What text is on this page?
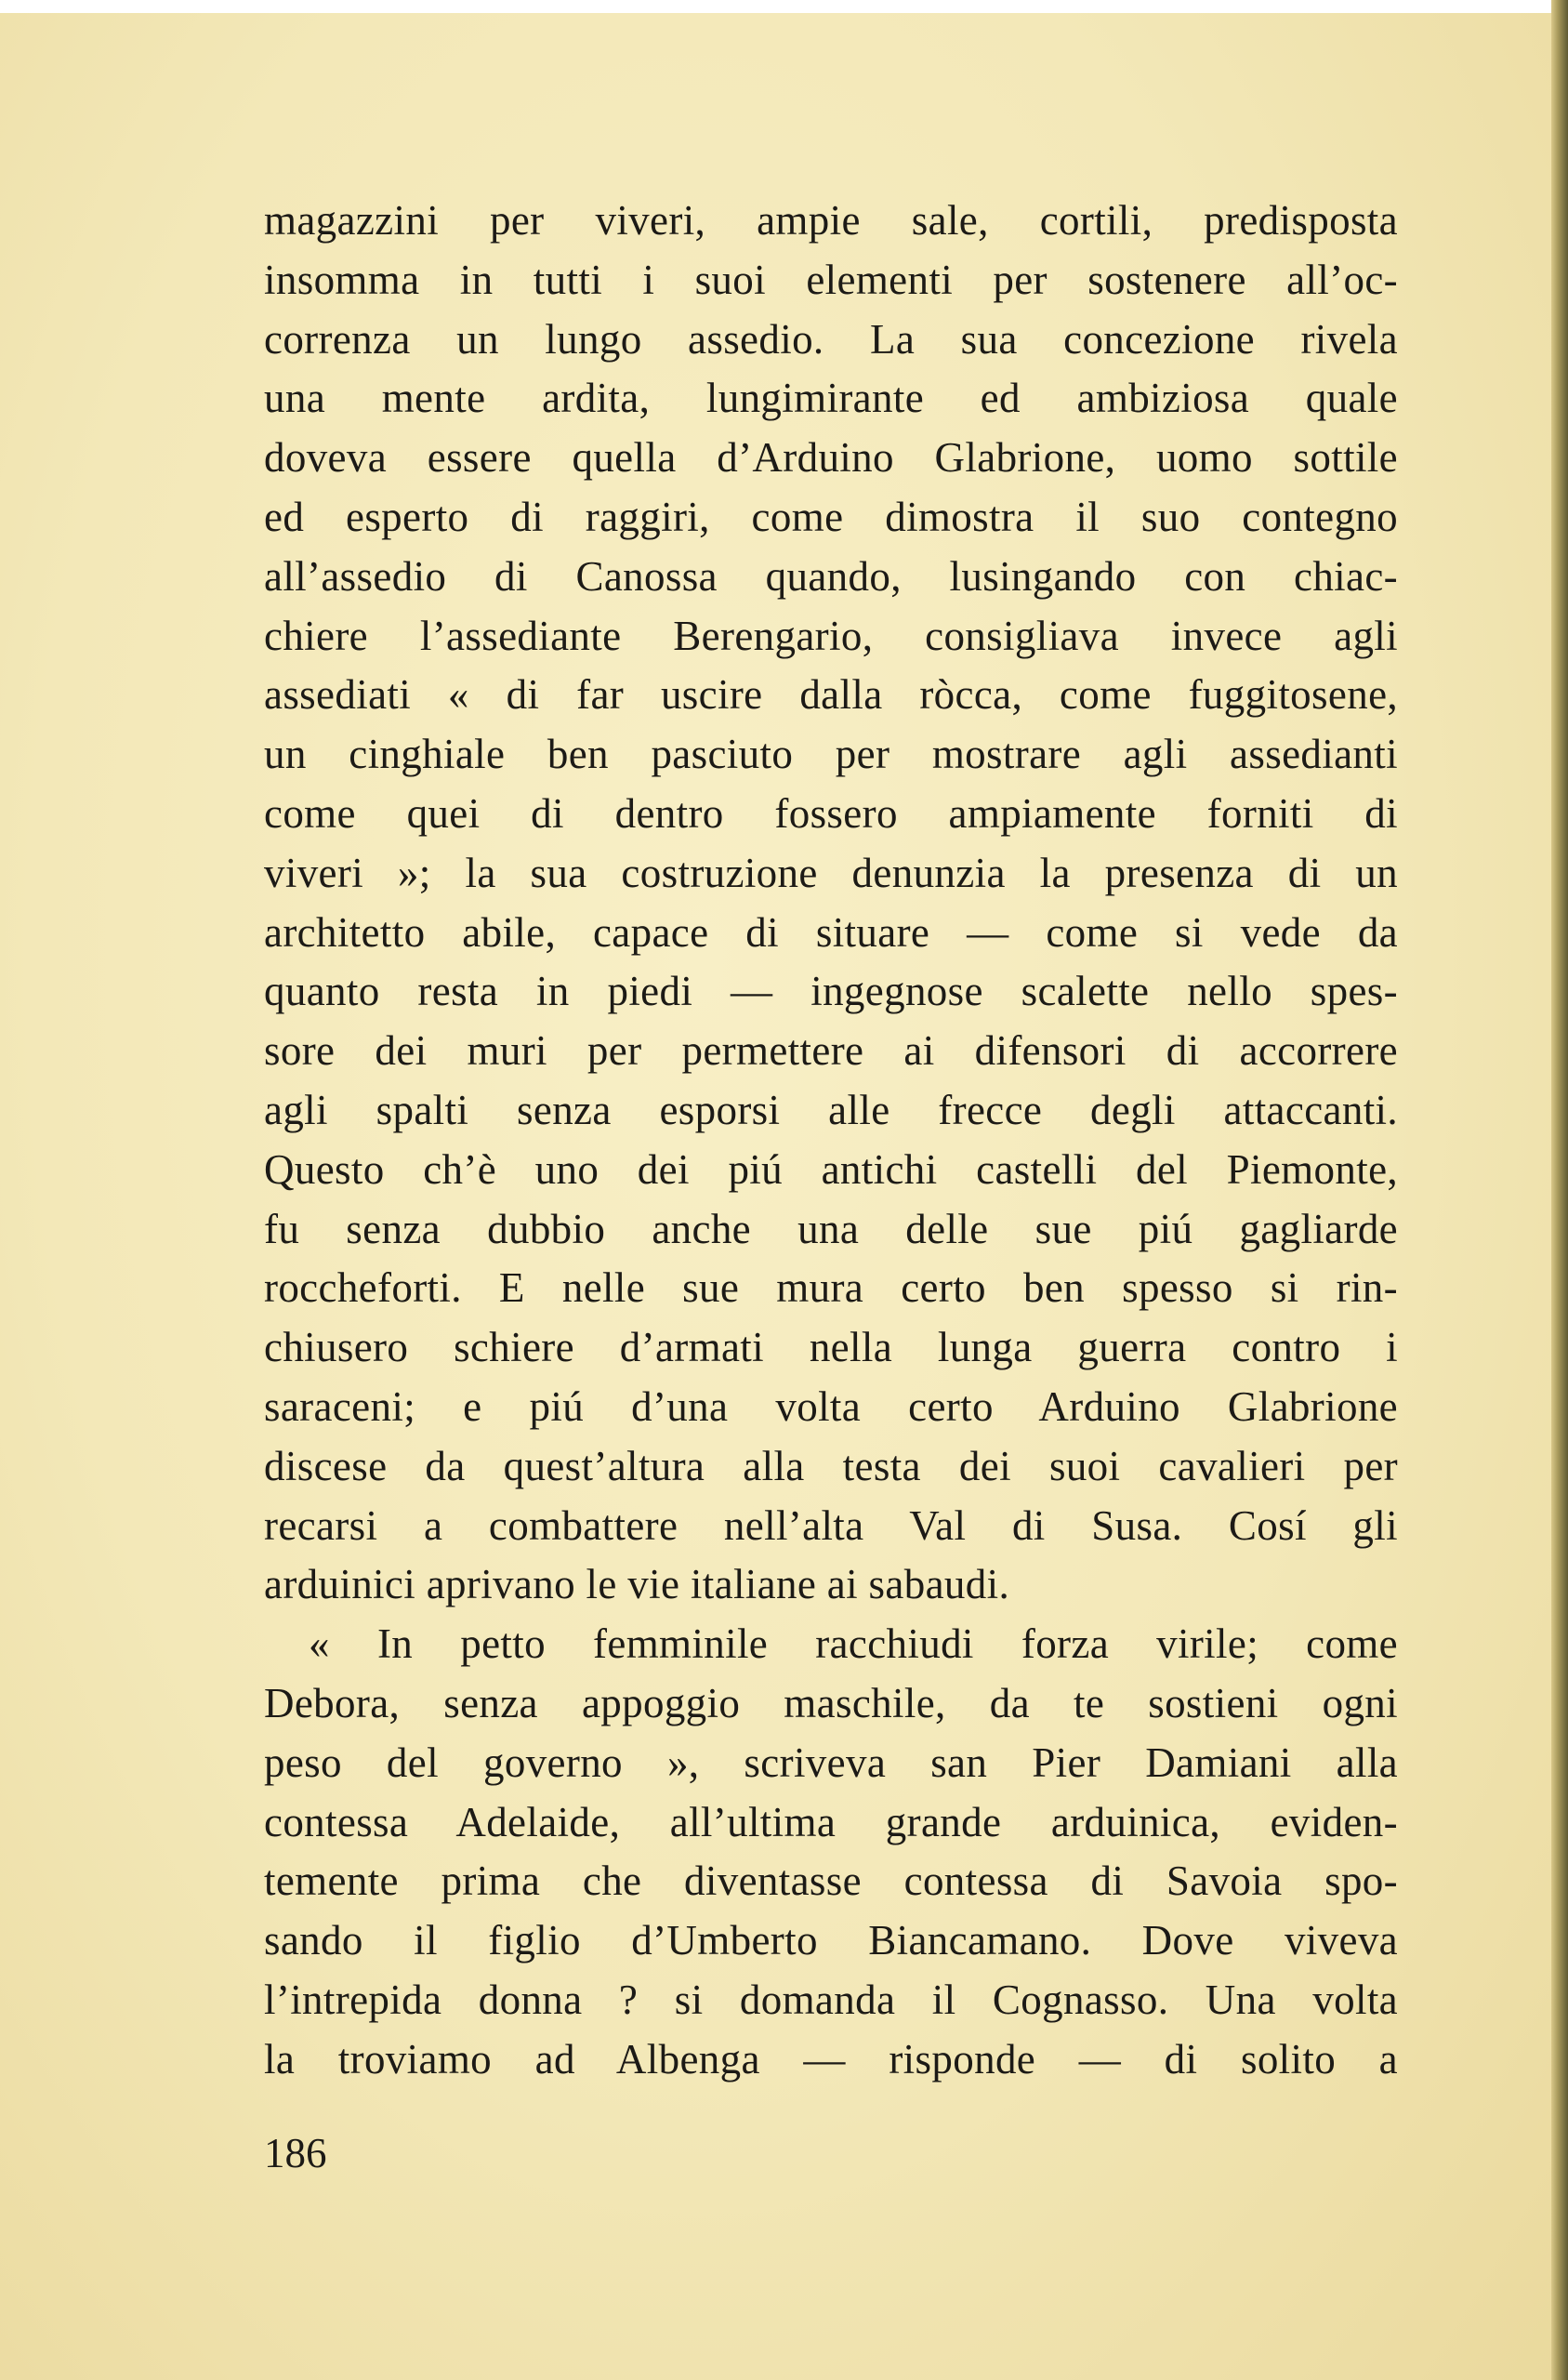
magazzini per viveri, ampie sale, cortili, predisposta
insomma in tutti i suoi elementi per sostenere all’oc-
correnza un lungo assedio. La sua concezione rivela
una mente ardita, lungimirante ed ambiziosa quale
doveva essere quella d’Arduino Glabrione, uomo sottile
ed esperto di raggiri, come dimostra il suo contegno
all’assedio di Canossa quando, lusingando con chiac-
chiere l’assediante Berengario, consigliava invece agli
assediati « di far uscire dalla ròcca, come fuggitosene,
un cinghiale ben pasciuto per mostrare agli assedianti
come quei di dentro fossero ampiamente forniti di
viveri »; la sua costruzione denunzia la presenza di un
architetto abile, capace di situare — come si vede da
quanto resta in piedi — ingegnose scalette nello spes-
sore dei muri per permettere ai difensori di accorrere
agli spalti senza esporsi alle frecce degli attaccanti.
Questo ch’è uno dei piú antichi castelli del Piemonte,
fu senza dubbio anche una delle sue piú gagliarde
roccheforti. E nelle sue mura certo ben spesso si rin-
chiusero schiere d’armati nella lunga guerra contro i
saraceni; e piú d’una volta certo Arduino Glabrione
discese da quest’altura alla testa dei suoi cavalieri per
recarsi a combattere nell’alta Val di Susa. Cosí gli
arduinici aprivano le vie italiane ai sabaudi.
« In petto femminile racchiudi forza virile; come
Debora, senza appoggio maschile, da te sostieni ogni
peso del governo », scriveva san Pier Damiani alla
contessa Adelaide, all’ultima grande arduinica, eviden-
temente prima che diventasse contessa di Savoia spo-
sando il figlio d’Umberto Biancamano. Dove viveva
l’intrepida donna ? si domanda il Cognasso. Una volta
la troviamo ad Albenga — risponde — di solito a
186
